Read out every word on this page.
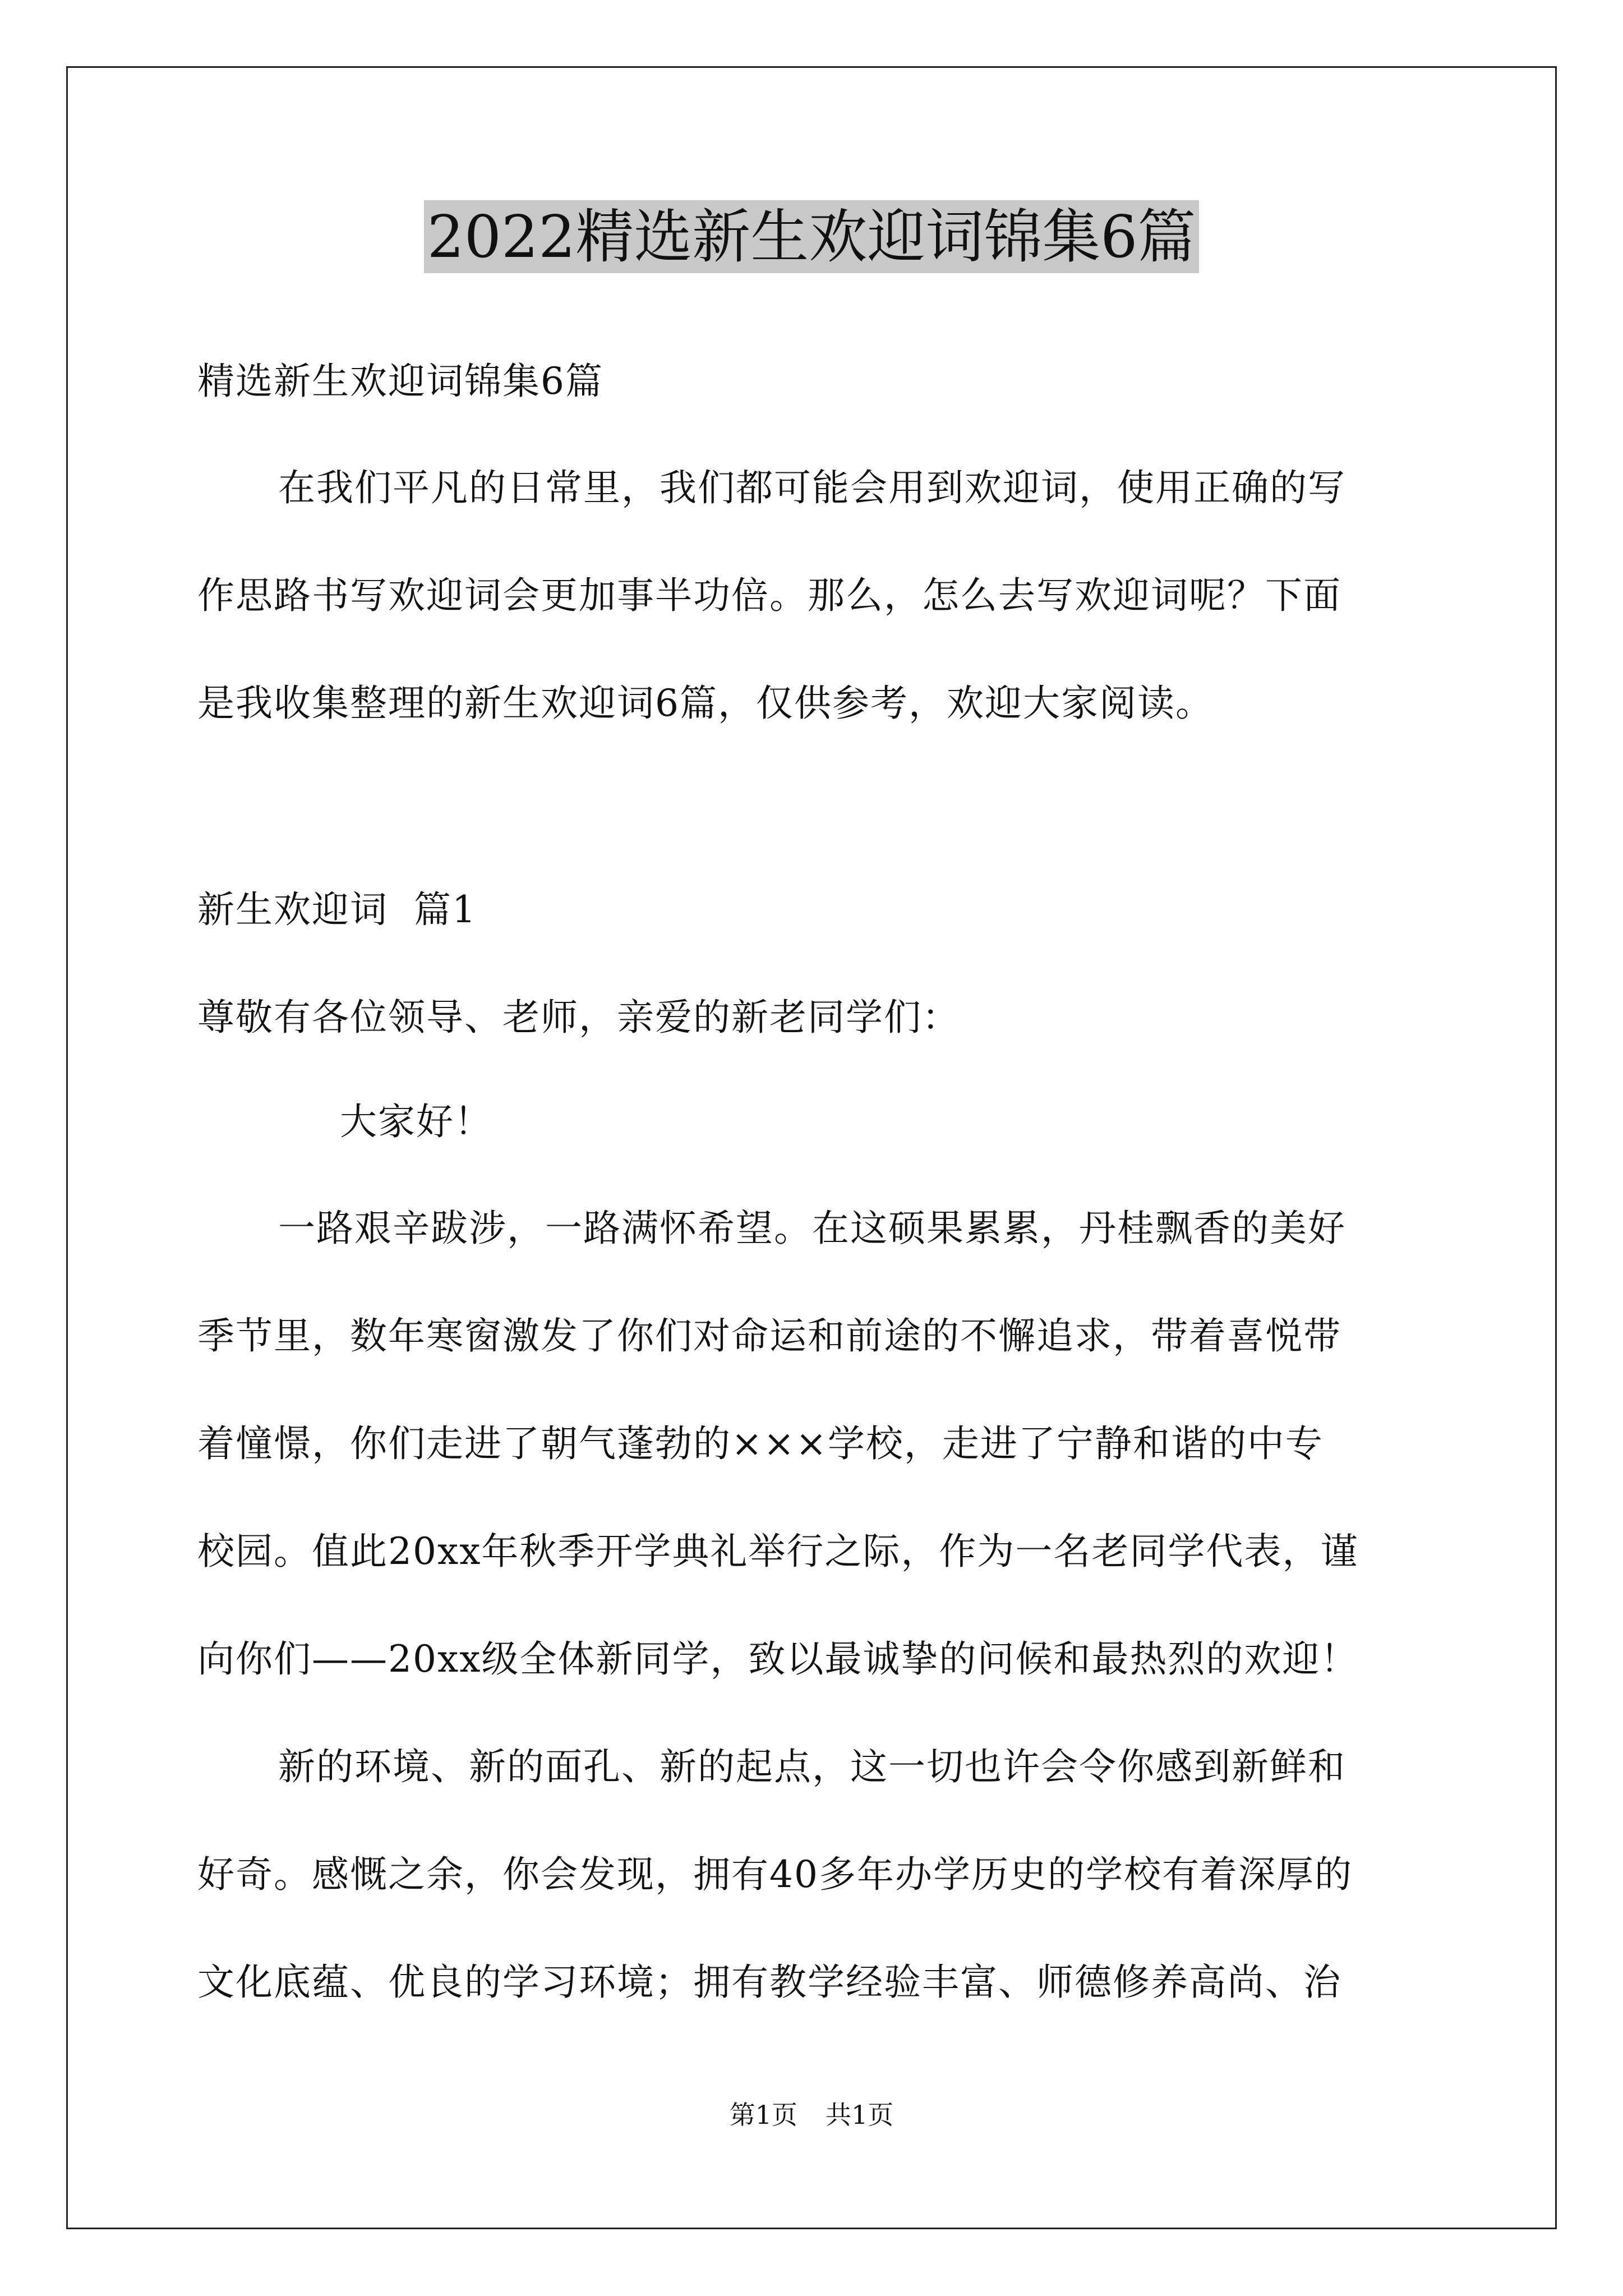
2022精选新生欢迎词锦集6篇
精选新生欢迎词锦集6篇
在我们平凡的日常里，我们都可能会用到欢迎词，使用正确的写
作思路书写欢迎词会更加事半功倍。那么，怎么去写欢迎词呢？下面
是我收集整理的新生欢迎词6篇，仅供参考，欢迎大家阅读。
新生欢迎词  篇1
尊敬有各位领导、老师，亲爱的新老同学们：
大家好！
一路艰辛跋涉，一路满怀希望。在这硕果累累，丹桂飘香的美好
季节里，数年寒窗激发了你们对命运和前途的不懈追求，带着喜悦带
着憧憬，你们走进了朝气蓬勃的×××学校，走进了宁静和谐的中专
校园。值此20xx年秋季开学典礼举行之际，作为一名老同学代表，谨
向你们——20xx级全体新同学，致以最诚挚的问候和最热烈的欢迎！
新的环境、新的面孔、新的起点，这一切也许会令你感到新鲜和
好奇。感慨之余，你会发现，拥有40多年办学历史的学校有着深厚的
文化底蕴、优良的学习环境；拥有教学经验丰富、师德修养高尚、治
第1页 共1页
